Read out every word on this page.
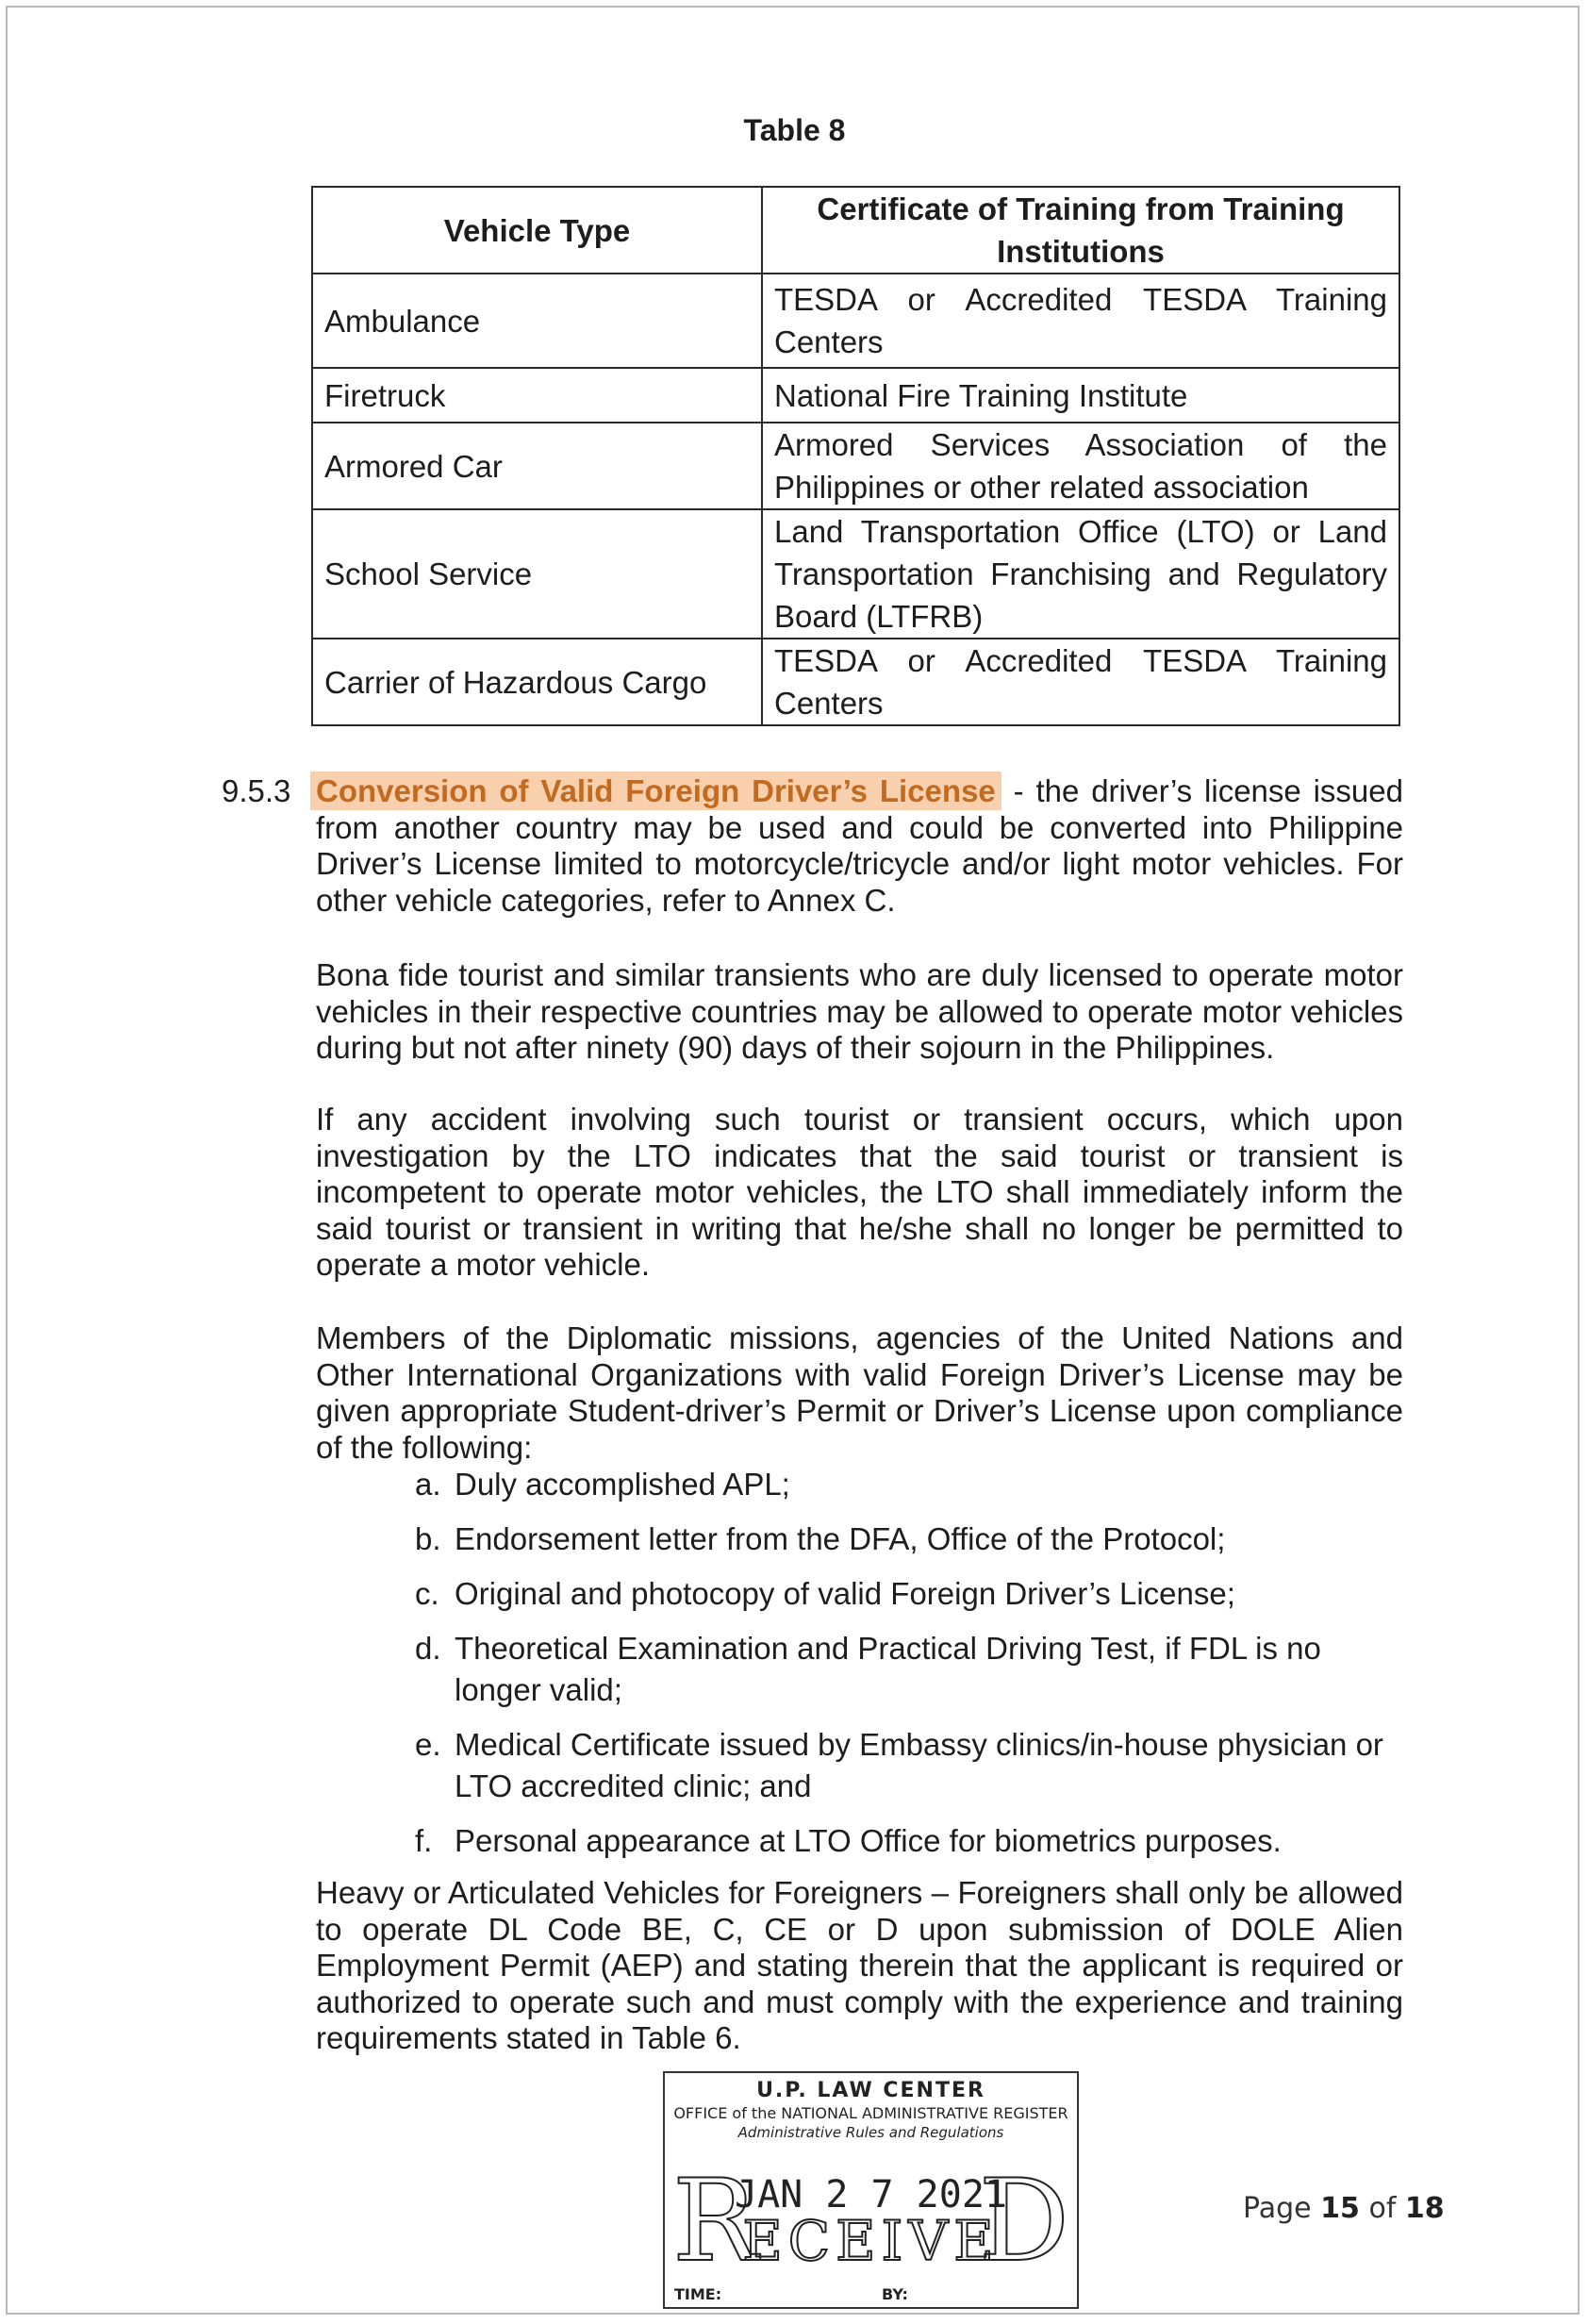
Table 8
Vehicle Type	Certificate of Training from Training Institutions
Ambulance	TESDA or Accredited TESDA Training Centers
Firetruck	National Fire Training Institute
Armored Car	Armored Services Association of the Philippines or other related association
School Service	Land Transportation Office (LTO) or Land Transportation Franchising and Regulatory Board (LTFRB)
Carrier of Hazardous Cargo	TESDA or Accredited TESDA Training Centers
9.5.3 Conversion of Valid Foreign Driver’s License - the driver’s license issued from another country may be used and could be converted into Philippine Driver’s License limited to motorcycle/tricycle and/or light motor vehicles. For other vehicle categories, refer to Annex C.
Bona fide tourist and similar transients who are duly licensed to operate motor vehicles in their respective countries may be allowed to operate motor vehicles during but not after ninety (90) days of their sojourn in the Philippines.
If any accident involving such tourist or transient occurs, which upon investigation by the LTO indicates that the said tourist or transient is incompetent to operate motor vehicles, the LTO shall immediately inform the said tourist or transient in writing that he/she shall no longer be permitted to operate a motor vehicle.
Members of the Diplomatic missions, agencies of the United Nations and Other International Organizations with valid Foreign Driver’s License may be given appropriate Student-driver’s Permit or Driver’s License upon compliance of the following:
a. Duly accomplished APL;
b. Endorsement letter from the DFA, Office of the Protocol;
c. Original and photocopy of valid Foreign Driver’s License;
d. Theoretical Examination and Practical Driving Test, if FDL is no longer valid;
e. Medical Certificate issued by Embassy clinics/in-house physician or LTO accredited clinic; and
f. Personal appearance at LTO Office for biometrics purposes.
Heavy or Articulated Vehicles for Foreigners – Foreigners shall only be allowed to operate DL Code BE, C, CE or D upon submission of DOLE Alien Employment Permit (AEP) and stating therein that the applicant is required or authorized to operate such and must comply with the experience and training requirements stated in Table 6.
U.P. LAW CENTER
OFFICE of the NATIONAL ADMINISTRATIVE REGISTER
Administrative Rules and Regulations
R
ECEIVE
D
JAN 2 7 2021
TIME:	BY:
Page 15 of 18
